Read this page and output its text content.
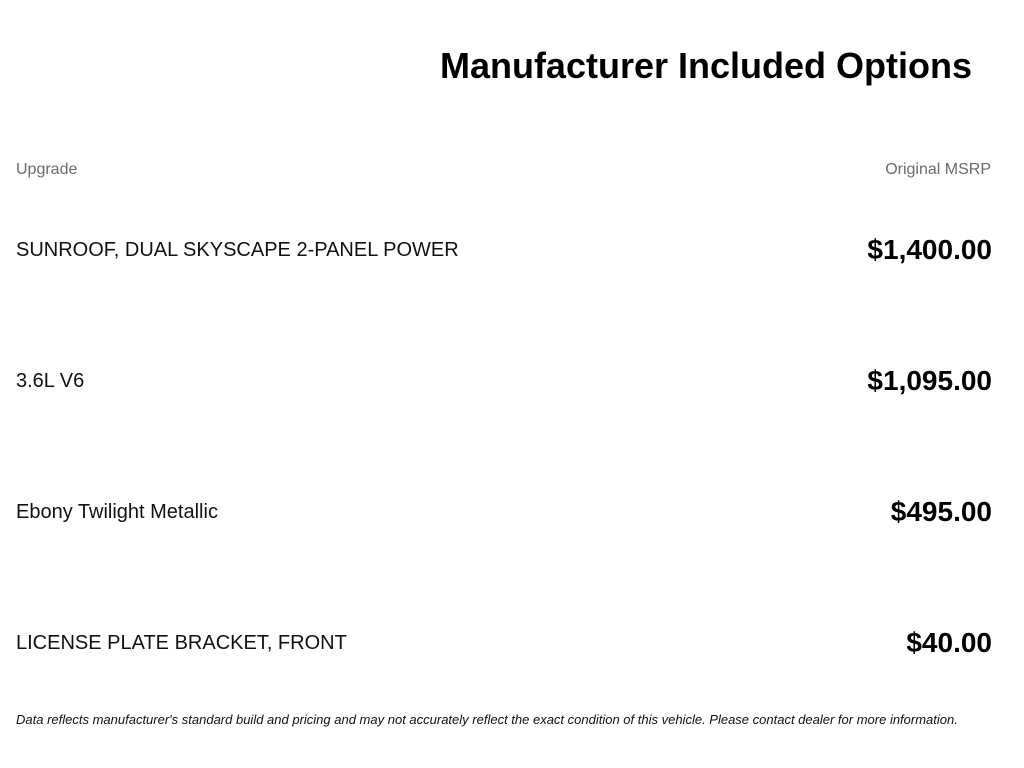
Manufacturer Included Options
Upgrade	Original MSRP
SUNROOF, DUAL SKYSCAPE 2-PANEL POWER	$1,400.00
3.6L V6	$1,095.00
Ebony Twilight Metallic	$495.00
LICENSE PLATE BRACKET, FRONT	$40.00

Data reflects manufacturer's standard build and pricing and may not accurately reflect the exact condition of this vehicle. Please contact dealer for more information.
